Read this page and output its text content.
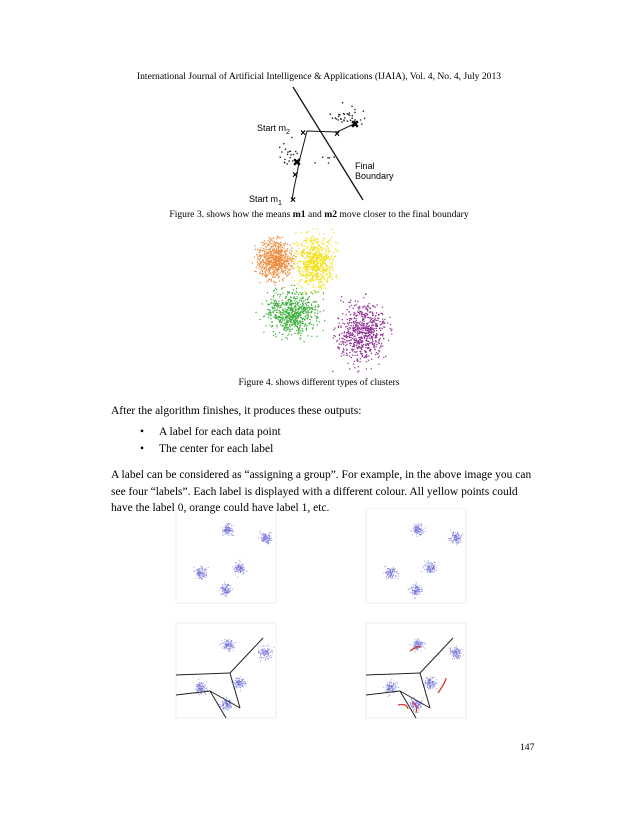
International Journal of Artificial Intelligence & Applications (IJAIA), Vol. 4, No. 4, July 2013
×
×
✖
×	×
✖
Start $m_2$
Start $m_1$
Final
Boundary
Figure 3. shows how the means m1 and m2 move closer to the final boundary
Figure 4. shows different types of clusters
After the algorithm finishes, it produces these outputs:
• A label for each data point
• The center for each label
A label can be considered as “assigning a group”. For example, in the above image you can see four “labels”. Each label is displayed with a different colour. All yellow points could have the label 0, orange could have label 1, etc.
147
